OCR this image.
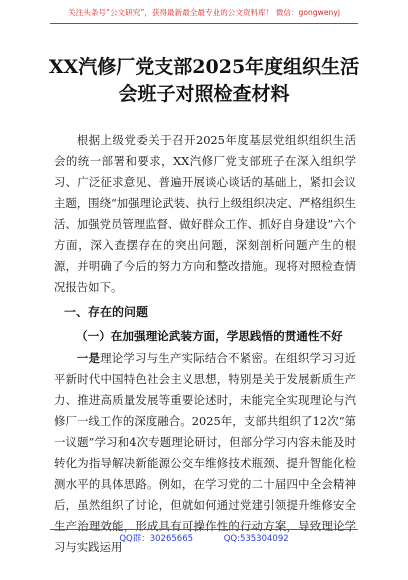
关注头条号“公文研究”，获得最新最全最专业的公文资料库！ 微信：gongwenyj
XX汽修厂党支部2025年度组织生活会班子对照检查材料

根据上级党委关于召开2025年度基层党组织组织生活会的统一部署和要求，XX汽修厂党支部班子在深入组织学习、广泛征求意见、普遍开展谈心谈话的基础上，紧扣会议主题，围绕“加强理论武装、执行上级组织决定、严格组织生活、加强党员管理监督、做好群众工作、抓好自身建设”六个方面，深入查摆存在的突出问题，深刻剖析问题产生的根源，并明确了今后的努力方向和整改措施。现将对照检查情况报告如下。

一、存在的问题
（一）在加强理论武装方面，学思践悟的贯通性不好

一是理论学习与生产实际结合不紧密。在组织学习习近平新时代中国特色社会主义思想，特别是关于发展新质生产力、推进高质量发展等重要论述时，未能完全实现理论与汽修厂一线工作的深度融合。2025年，支部共组织了12次“第一议题”学习和4次专题理论研讨，但部分学习内容未能及时转化为指导解决新能源公交车维修技术瓶颈、提升智能化检测水平的具体思路。例如，在学习党的二十届四中全会精神后，虽然组织了讨论，但就如何通过党建引领提升维修安全生产治理效能，形成具有可操作性的行动方案，导致理论学习与实践运用

QQ群：30265665	QQ:535304092
